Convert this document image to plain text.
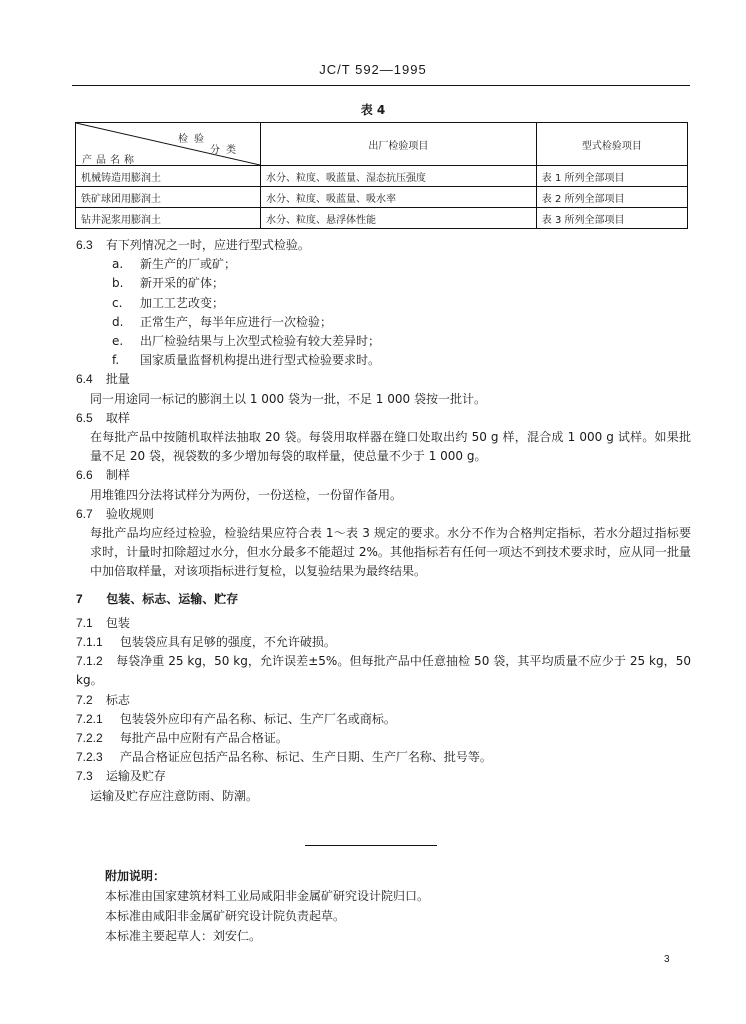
JC/T 592—1995
表 4
检验
分类
产品名称	出厂检验项目	型式检验项目
机械铸造用膨润土	水分、粒度、吸蓝量、湿态抗压强度	表 1 所列全部项目
铁矿球团用膨润土	水分、粒度、吸蓝量、吸水率	表 2 所列全部项目
钻井泥浆用膨润土	水分、粒度、悬浮体性能	表 3 所列全部项目
6.3 有下列情况之一时，应进行型式检验。
a. 新生产的厂或矿；
b. 新开采的矿体；
c. 加工工艺改变；
d. 正常生产，每半年应进行一次检验；
e. 出厂检验结果与上次型式检验有较大差异时；
f. 国家质量监督机构提出进行型式检验要求时。
6.4 批量
同一用途同一标记的膨润土以 1 000 袋为一批，不足 1 000 袋按一批计。
6.5 取样
在每批产品中按随机取样法抽取 20 袋。每袋用取样器在缝口处取出约 50 g 样，混合成 1 000 g 试样。如果批量不足 20 袋，视袋数的多少增加每袋的取样量，使总量不少于 1 000 g。
6.6 制样
用堆锥四分法将试样分为两份，一份送检，一份留作备用。
6.7 验收规则
每批产品均应经过检验，检验结果应符合表 1～表 3 规定的要求。水分不作为合格判定指标，若水分超过指标要求时，计量时扣除超过水分，但水分最多不能超过 2%。其他指标若有任何一项达不到技术要求时，应从同一批量中加倍取样量，对该项指标进行复检，以复验结果为最终结果。
7 包装、标志、运输、贮存
7.1 包装
7.1.1 包装袋应具有足够的强度，不允许破损。
7.1.2 每袋净重 25 kg，50 kg，允许误差±5%。但每批产品中任意抽检 50 袋，其平均质量不应少于 25 kg，50 kg。
7.2 标志
7.2.1 包装袋外应印有产品名称、标记、生产厂名或商标。
7.2.2 每批产品中应附有产品合格证。
7.2.3 产品合格证应包括产品名称、标记、生产日期、生产厂名称、批号等。
7.3 运输及贮存
运输及贮存应注意防雨、防潮。
附加说明：
本标准由国家建筑材料工业局咸阳非金属矿研究设计院归口。
本标准由咸阳非金属矿研究设计院负责起草。
本标准主要起草人：刘安仁。
3
